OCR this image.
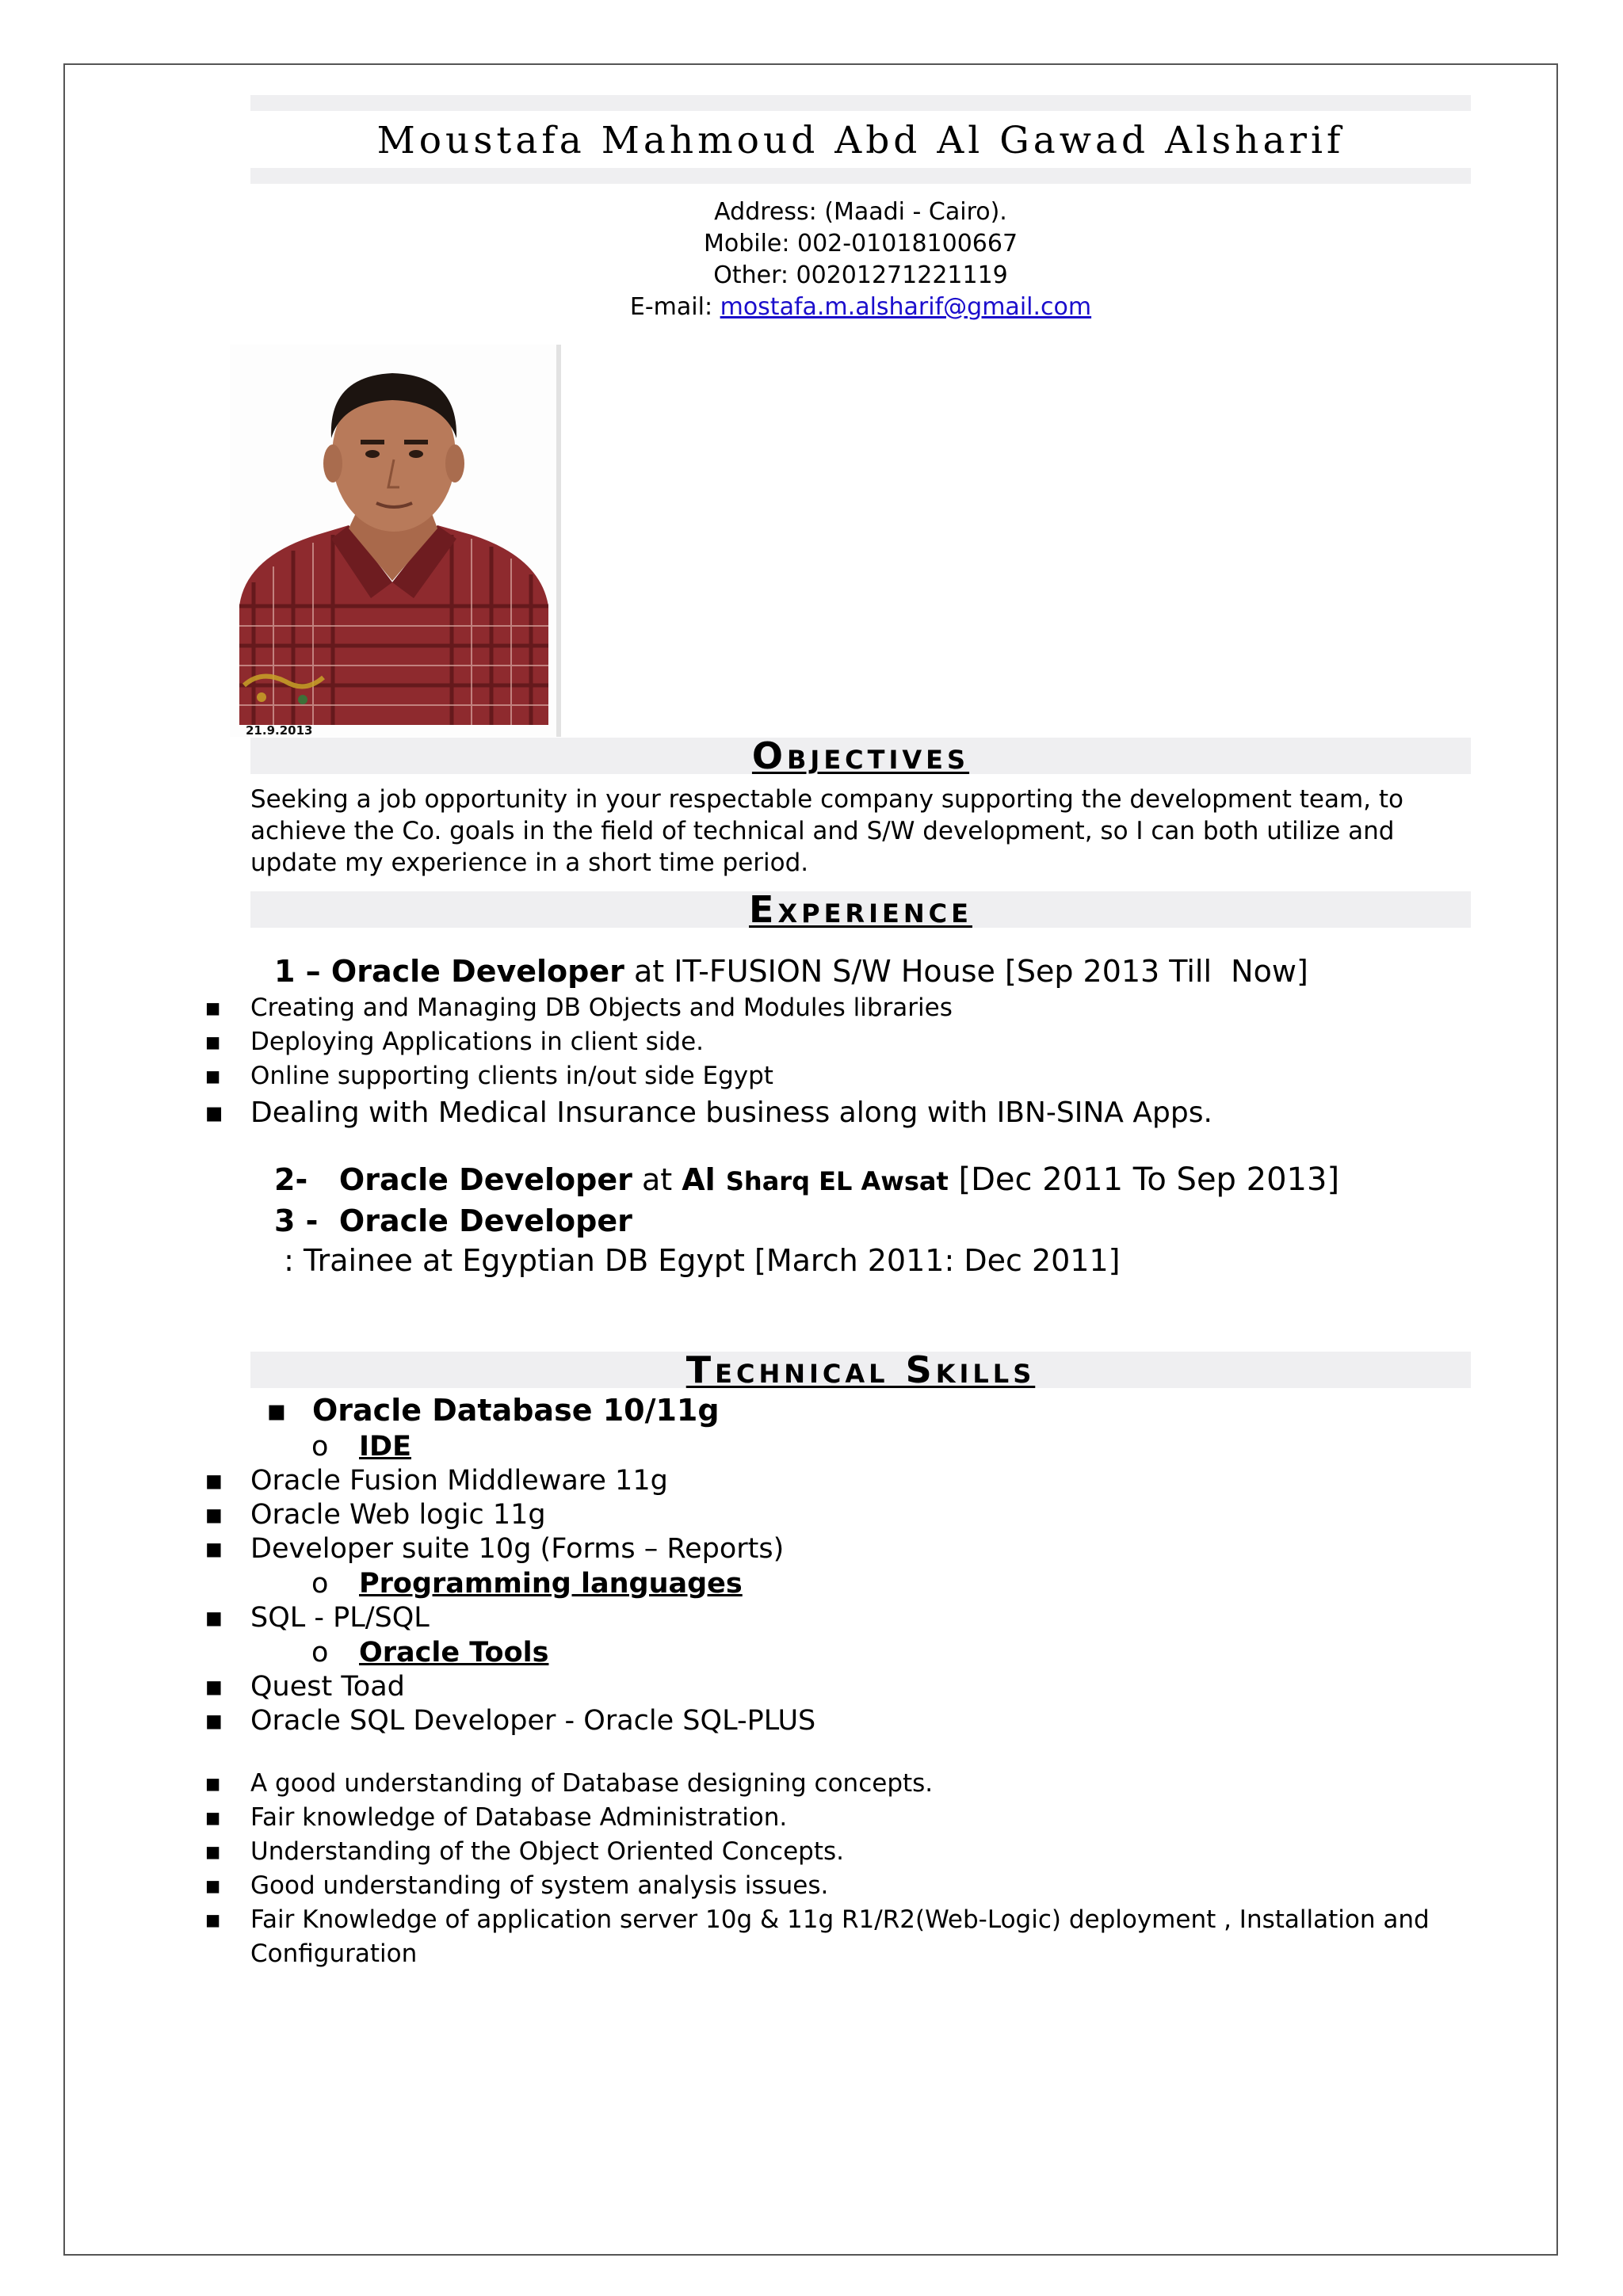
21.9.2013
Moustafa Mahmoud Abd Al Gawad Alsharif
Address: (Maadi - Cairo).
Mobile: 002-01018100667
Other: 00201271221119
E-mail: mostafa.m.alsharif@gmail.com
Objectives
Seeking a job opportunity in your respectable company supporting the development team, to achieve the Co. goals in the field of technical and S/W development, so I can both utilize and update my experience in a short time period.
Experience
1 – Oracle Developer at IT-FUSION S/W House [Sep 2013 Till  Now]
▪ Creating and Managing DB Objects and Modules libraries
▪ Deploying Applications in client side.
▪ Online supporting clients in/out side Egypt
▪ Dealing with Medical Insurance business along with IBN-SINA Apps.
2-   Oracle Developer at Al Sharq EL Awsat [Dec 2011 To Sep 2013]
3 -  Oracle Developer : Trainee at Egyptian DB Egypt [March 2011: Dec 2011]
Technical Skills
▪ Oracle Database 10/11g
o IDE
▪ Oracle Fusion Middleware 11g
▪ Oracle Web logic 11g
▪ Developer suite 10g (Forms – Reports)
o Programming languages
▪ SQL - PL/SQL
o Oracle Tools
▪ Quest Toad
▪ Oracle SQL Developer - Oracle SQL-PLUS
▪ A good understanding of Database designing concepts.
▪ Fair knowledge of Database Administration.
▪ Understanding of the Object Oriented Concepts.
▪ Good understanding of system analysis issues.
▪ Fair Knowledge of application server 10g & 11g R1/R2(Web-Logic) deployment , Installation and Configuration
